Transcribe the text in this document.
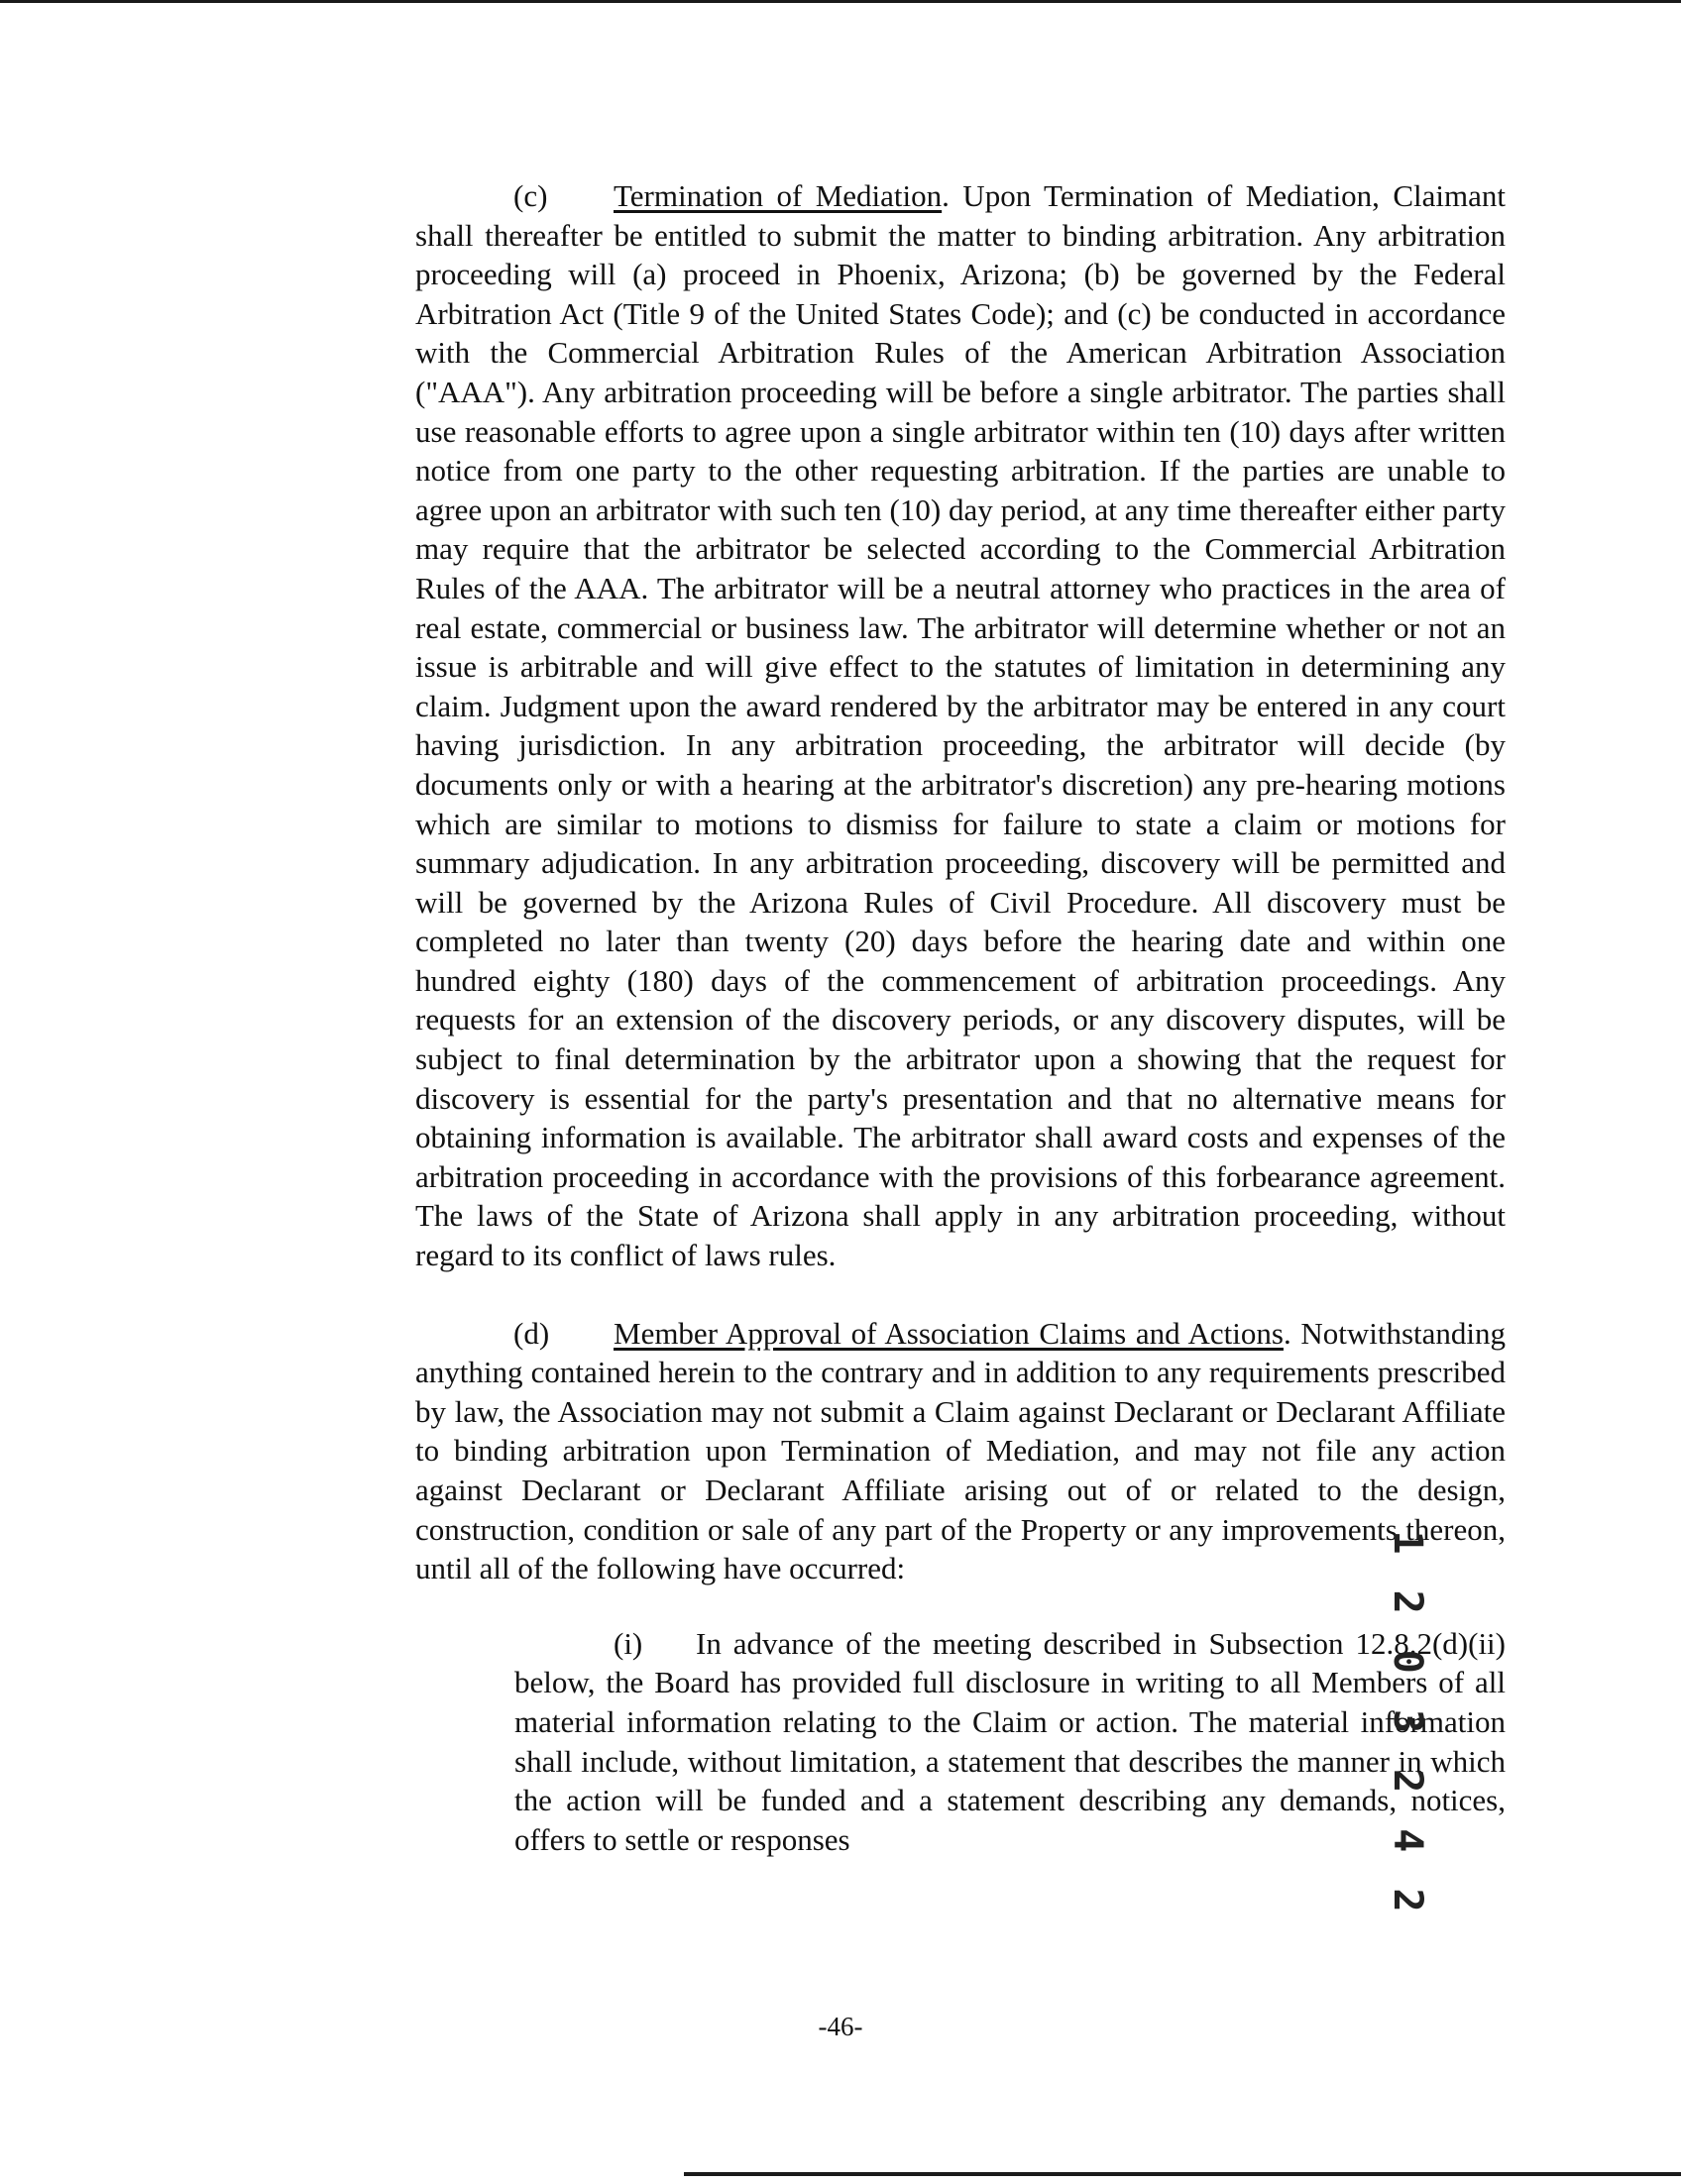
(c) Termination of Mediation. Upon Termination of Mediation, Claimant shall thereafter be entitled to submit the matter to binding arbitration. Any arbitration proceeding will (a) proceed in Phoenix, Arizona; (b) be governed by the Federal Arbitration Act (Title 9 of the United States Code); and (c) be conducted in accordance with the Commercial Arbitration Rules of the American Arbitration Association ("AAA"). Any arbitration proceeding will be before a single arbitrator. The parties shall use reasonable efforts to agree upon a single arbitrator within ten (10) days after written notice from one party to the other requesting arbitration. If the parties are unable to agree upon an arbitrator with such ten (10) day period, at any time thereafter either party may require that the arbitrator be selected according to the Commercial Arbitration Rules of the AAA. The arbitrator will be a neutral attorney who practices in the area of real estate, commercial or business law. The arbitrator will determine whether or not an issue is arbitrable and will give effect to the statutes of limitation in determining any claim. Judgment upon the award rendered by the arbitrator may be entered in any court having jurisdiction. In any arbitration proceeding, the arbitrator will decide (by documents only or with a hearing at the arbitrator's discretion) any pre-hearing motions which are similar to motions to dismiss for failure to state a claim or motions for summary adjudication. In any arbitration proceeding, discovery will be permitted and will be governed by the Arizona Rules of Civil Procedure. All discovery must be completed no later than twenty (20) days before the hearing date and within one hundred eighty (180) days of the commencement of arbitration proceedings. Any requests for an extension of the discovery periods, or any discovery disputes, will be subject to final determination by the arbitrator upon a showing that the request for discovery is essential for the party's presentation and that no alternative means for obtaining information is available. The arbitrator shall award costs and expenses of the arbitration proceeding in accordance with the provisions of this forbearance agreement. The laws of the State of Arizona shall apply in any arbitration proceeding, without regard to its conflict of laws rules.

(d) Member Approval of Association Claims and Actions. Notwithstanding anything contained herein to the contrary and in addition to any requirements prescribed by law, the Association may not submit a Claim against Declarant or Declarant Affiliate to binding arbitration upon Termination of Mediation, and may not file any action against Declarant or Declarant Affiliate arising out of or related to the design, construction, condition or sale of any part of the Property or any improvements thereon, until all of the following have occurred:

(i) In advance of the meeting described in Subsection 12.8.2(d)(ii) below, the Board has provided full disclosure in writing to all Members of all material information relating to the Claim or action. The material information shall include, without limitation, a statement that describes the manner in which the action will be funded and a statement describing any demands, notices, offers to settle or responses	1 2 0 3 2 4 2
-46-
